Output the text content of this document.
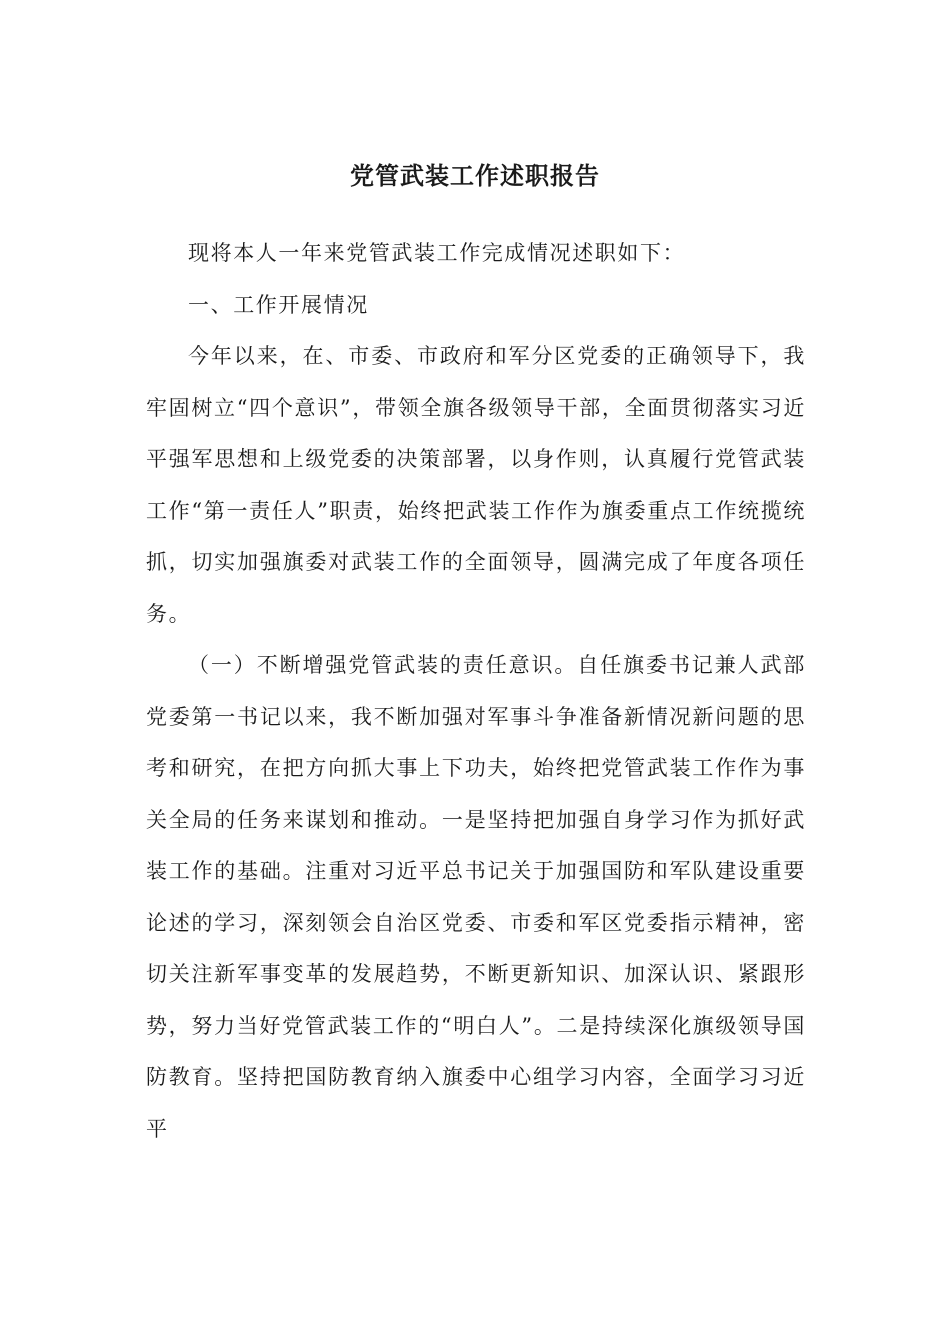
党管武装工作述职报告

现将本人一年来党管武装工作完成情况述职如下：

一、工作开展情况

今年以来，在、市委、市政府和军分区党委的正确领导下，我牢固树立“四个意识”，带领全旗各级领导干部，全面贯彻落实习近平强军思想和上级党委的决策部署，以身作则，认真履行党管武装工作“第一责任人”职责，始终把武装工作作为旗委重点工作统揽统抓，切实加强旗委对武装工作的全面领导，圆满完成了年度各项任务。

（一）不断增强党管武装的责任意识。自任旗委书记兼人武部党委第一书记以来，我不断加强对军事斗争准备新情况新问题的思考和研究，在把方向抓大事上下功夫，始终把党管武装工作作为事关全局的任务来谋划和推动。一是坚持把加强自身学习作为抓好武装工作的基础。注重对习近平总书记关于加强国防和军队建设重要论述的学习，深刻领会自治区党委、市委和军区党委指示精神，密切关注新军事变革的发展趋势，不断更新知识、加深认识、紧跟形势，努力当好党管武装工作的“明白人”。二是持续深化旗级领导国防教育。坚持把国防教育纳入旗委中心组学习内容，全面学习习近平
